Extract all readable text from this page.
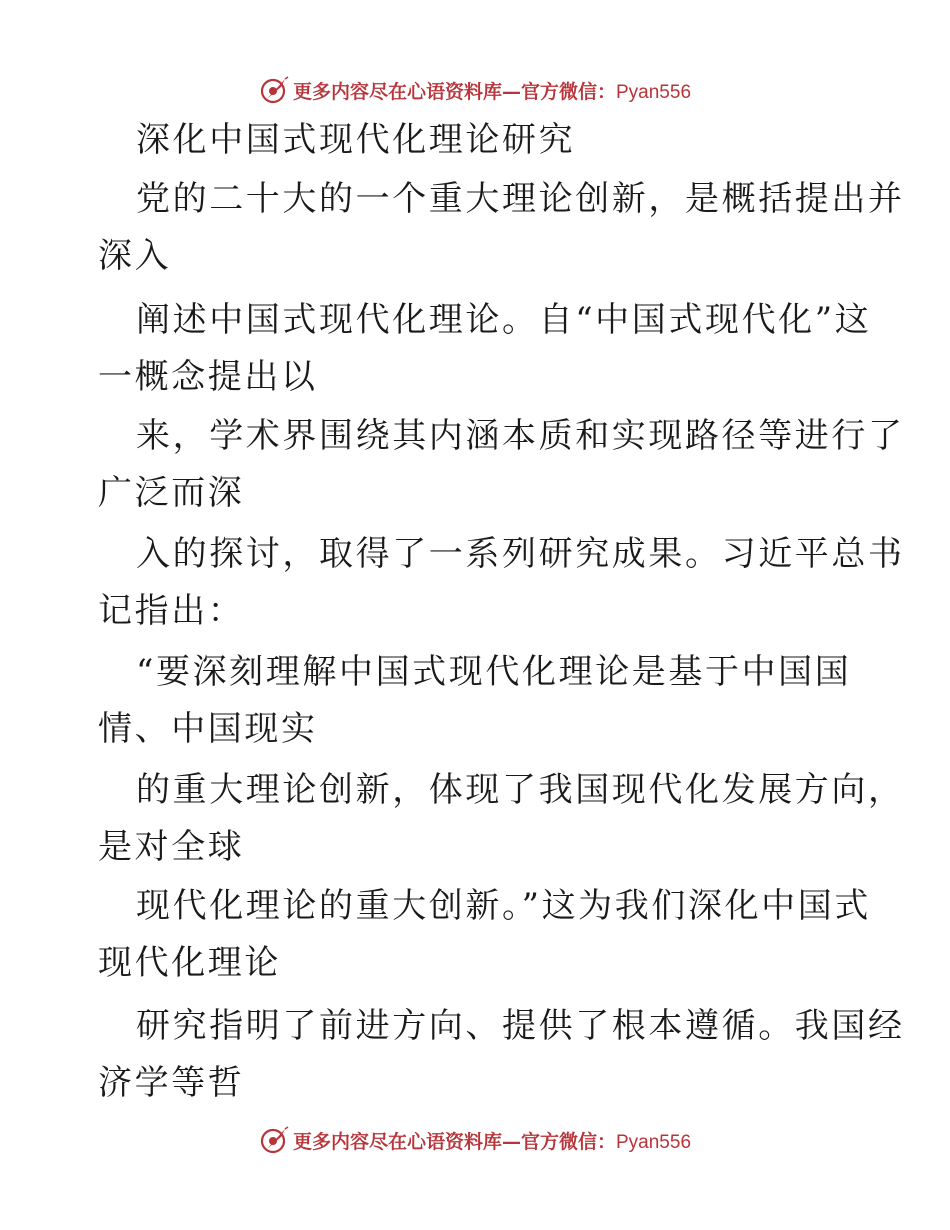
更多内容尽在心语资料库—官方微信：Pyan556
深化中国式现代化理论研究
党的二十大的一个重大理论创新，是概括提出并
深入
阐述中国式现代化理论。自“中国式现代化”这
一概念提出以
来，学术界围绕其内涵本质和实现路径等进行了
广泛而深
入的探讨，取得了一系列研究成果。习近平总书
记指出：
“要深刻理解中国式现代化理论是基于中国国
情、中国现实
的重大理论创新，体现了我国现代化发展方向，
是对全球
现代化理论的重大创新。”这为我们深化中国式
现代化理论
研究指明了前进方向、提供了根本遵循。我国经
济学等哲
更多内容尽在心语资料库—官方微信：Pyan556
